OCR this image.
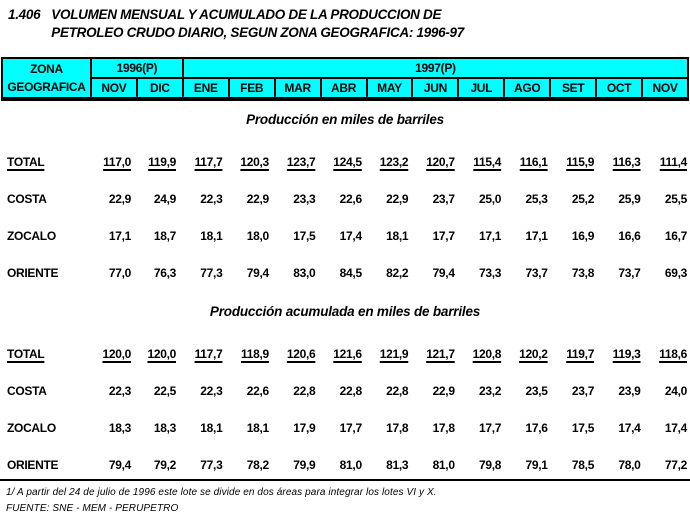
1.406 VOLUMEN MENSUAL Y ACUMULADO DE LA PRODUCCION DE
PETROLEO CRUDO DIARIO, SEGUN ZONA GEOGRAFICA: 1996-97
ZONA
GEOGRAFICA	1996(P)		1997(P)										
	NOV	DIC	ENE	FEB	MAR	ABR	MAY	JUN	JUL	AGO	SET	OCT	NOV
Producción en miles de barriles
TOTAL	117,0	119,9	117,7	120,3	123,7	124,5	123,2	120,7	115,4	116,1	115,9	116,3	111,4
COSTA	22,9	24,9	22,3	22,9	23,3	22,6	22,9	23,7	25,0	25,3	25,2	25,9	25,5
ZOCALO	17,1	18,7	18,1	18,0	17,5	17,4	18,1	17,7	17,1	17,1	16,9	16,6	16,7
ORIENTE	77,0	76,3	77,3	79,4	83,0	84,5	82,2	79,4	73,3	73,7	73,8	73,7	69,3
Producción acumulada en miles de barriles
TOTAL	120,0	120,0	117,7	118,9	120,6	121,6	121,9	121,7	120,8	120,2	119,7	119,3	118,6
COSTA	22,3	22,5	22,3	22,6	22,8	22,8	22,8	22,9	23,2	23,5	23,7	23,9	24,0
ZOCALO	18,3	18,3	18,1	18,1	17,9	17,7	17,8	17,8	17,7	17,6	17,5	17,4	17,4
ORIENTE	79,4	79,2	77,3	78,2	79,9	81,0	81,3	81,0	79,8	79,1	78,5	78,0	77,2
1/ A partir del 24 de julio de 1996 este lote se divide en dos áreas para integrar los lotes VI y X.
FUENTE: SNE - MEM - PERUPETRO
